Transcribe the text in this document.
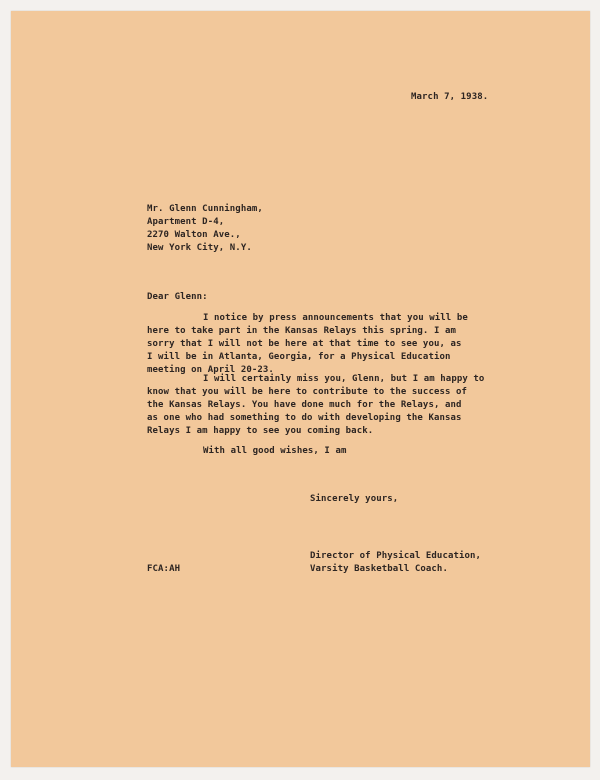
March 7, 1938.
Mr. Glenn Cunningham,
Apartment D-4,
2270 Walton Ave.,
New York City, N.Y.
Dear Glenn:
I notice by press announcements that you will be
here to take part in the Kansas Relays this spring. I am
sorry that I will not be here at that time to see you, as
I will be in Atlanta, Georgia, for a Physical Education
meeting on April 20-23.
I will certainly miss you, Glenn, but I am happy to
know that you will be here to contribute to the success of
the Kansas Relays. You have done much for the Relays, and
as one who had something to do with developing the Kansas
Relays I am happy to see you coming back.
With all good wishes, I am
Sincerely yours,
Director of Physical Education,
Varsity Basketball Coach.
FCA:AH
